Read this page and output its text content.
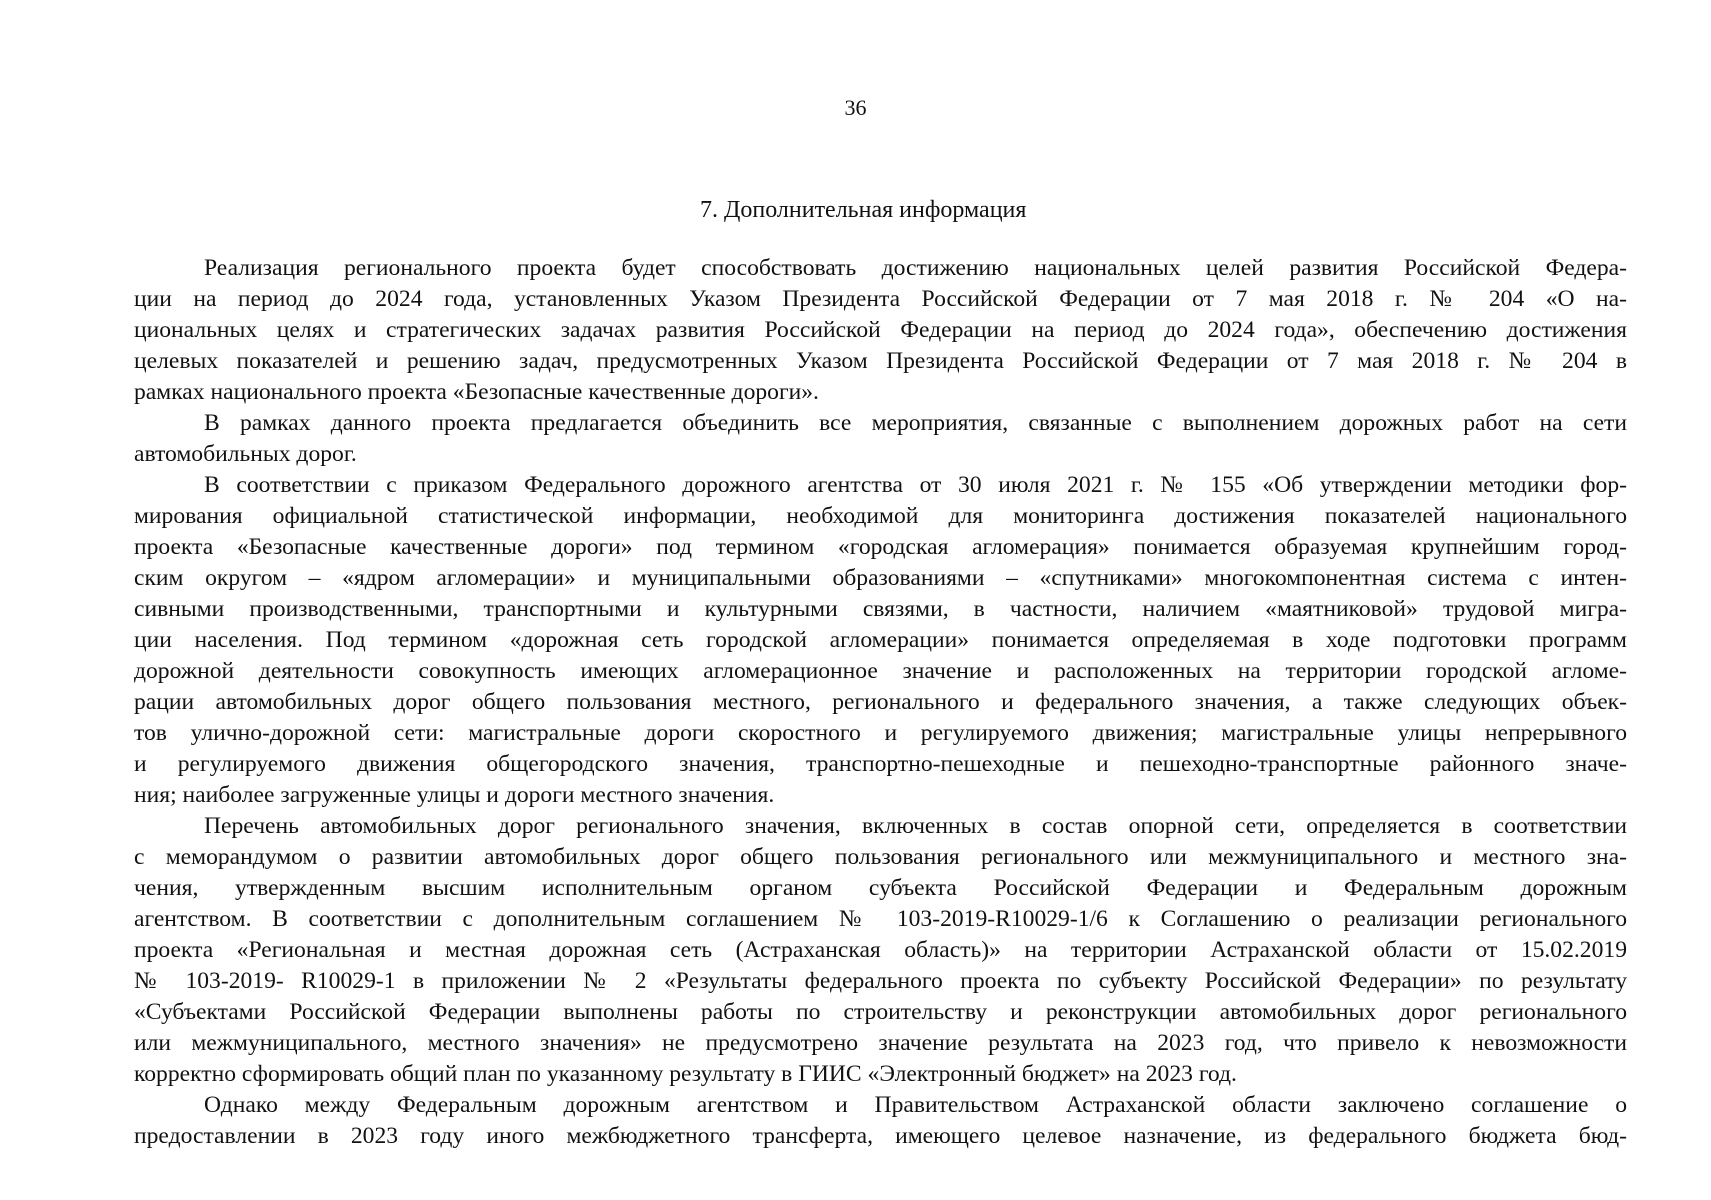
36
7. Дополнительная информация
Реализация регионального проекта будет способствовать достижению национальных целей развития Российской Федера-
ции на период до 2024 года, установленных Указом Президента Российской Федерации от 7 мая 2018 г. № 204 «О на-
циональных целях и стратегических задачах развития Российской Федерации на период до 2024 года», обеспечению достижения
целевых показателей и решению задач, предусмотренных Указом Президента Российской Федерации от 7 мая 2018 г. № 204 в
рамках национального проекта «Безопасные качественные дороги».
В рамках данного проекта предлагается объединить все мероприятия, связанные с выполнением дорожных работ на сети
автомобильных дорог.
В соответствии с приказом Федерального дорожного агентства от 30 июля 2021 г. № 155 «Об утверждении методики фор-
мирования официальной статистической информации, необходимой для мониторинга достижения показателей национального
проекта «Безопасные качественные дороги» под термином «городская агломерация» понимается образуемая крупнейшим город-
ским округом – «ядром агломерации» и муниципальными образованиями – «спутниками» многокомпонентная система с интен-
сивными производственными, транспортными и культурными связями, в частности, наличием «маятниковой» трудовой мигра-
ции населения. Под термином «дорожная сеть городской агломерации» понимается определяемая в ходе подготовки программ
дорожной деятельности совокупность имеющих агломерационное значение и расположенных на территории городской агломе-
рации автомобильных дорог общего пользования местного, регионального и федерального значения, а также следующих объек-
тов улично-дорожной сети: магистральные дороги скоростного и регулируемого движения; магистральные улицы непрерывного
и регулируемого движения общегородского значения, транспортно-пешеходные и пешеходно-транспортные районного значе-
ния; наиболее загруженные улицы и дороги местного значения.
Перечень автомобильных дорог регионального значения, включенных в состав опорной сети, определяется в соответствии
с меморандумом о развитии автомобильных дорог общего пользования регионального или межмуниципального и местного зна-
чения, утвержденным высшим исполнительным органом субъекта Российской Федерации и Федеральным дорожным
агентством. В соответствии с дополнительным соглашением № 103-2019-R10029-1/6 к Соглашению о реализации регионального
проекта «Региональная и местная дорожная сеть (Астраханская область)» на территории Астраханской области от 15.02.2019
№ 103-2019- R10029-1 в приложении № 2 «Результаты федерального проекта по субъекту Российской Федерации» по результату
«Субъектами Российской Федерации выполнены работы по строительству и реконструкции автомобильных дорог регионального
или межмуниципального, местного значения» не предусмотрено значение результата на 2023 год, что привело к невозможности
корректно сформировать общий план по указанному результату в ГИИС «Электронный бюджет» на 2023 год.
Однако между Федеральным дорожным агентством и Правительством Астраханской области заключено соглашение о
предоставлении в 2023 году иного межбюджетного трансферта, имеющего целевое назначение, из федерального бюджета бюд-
